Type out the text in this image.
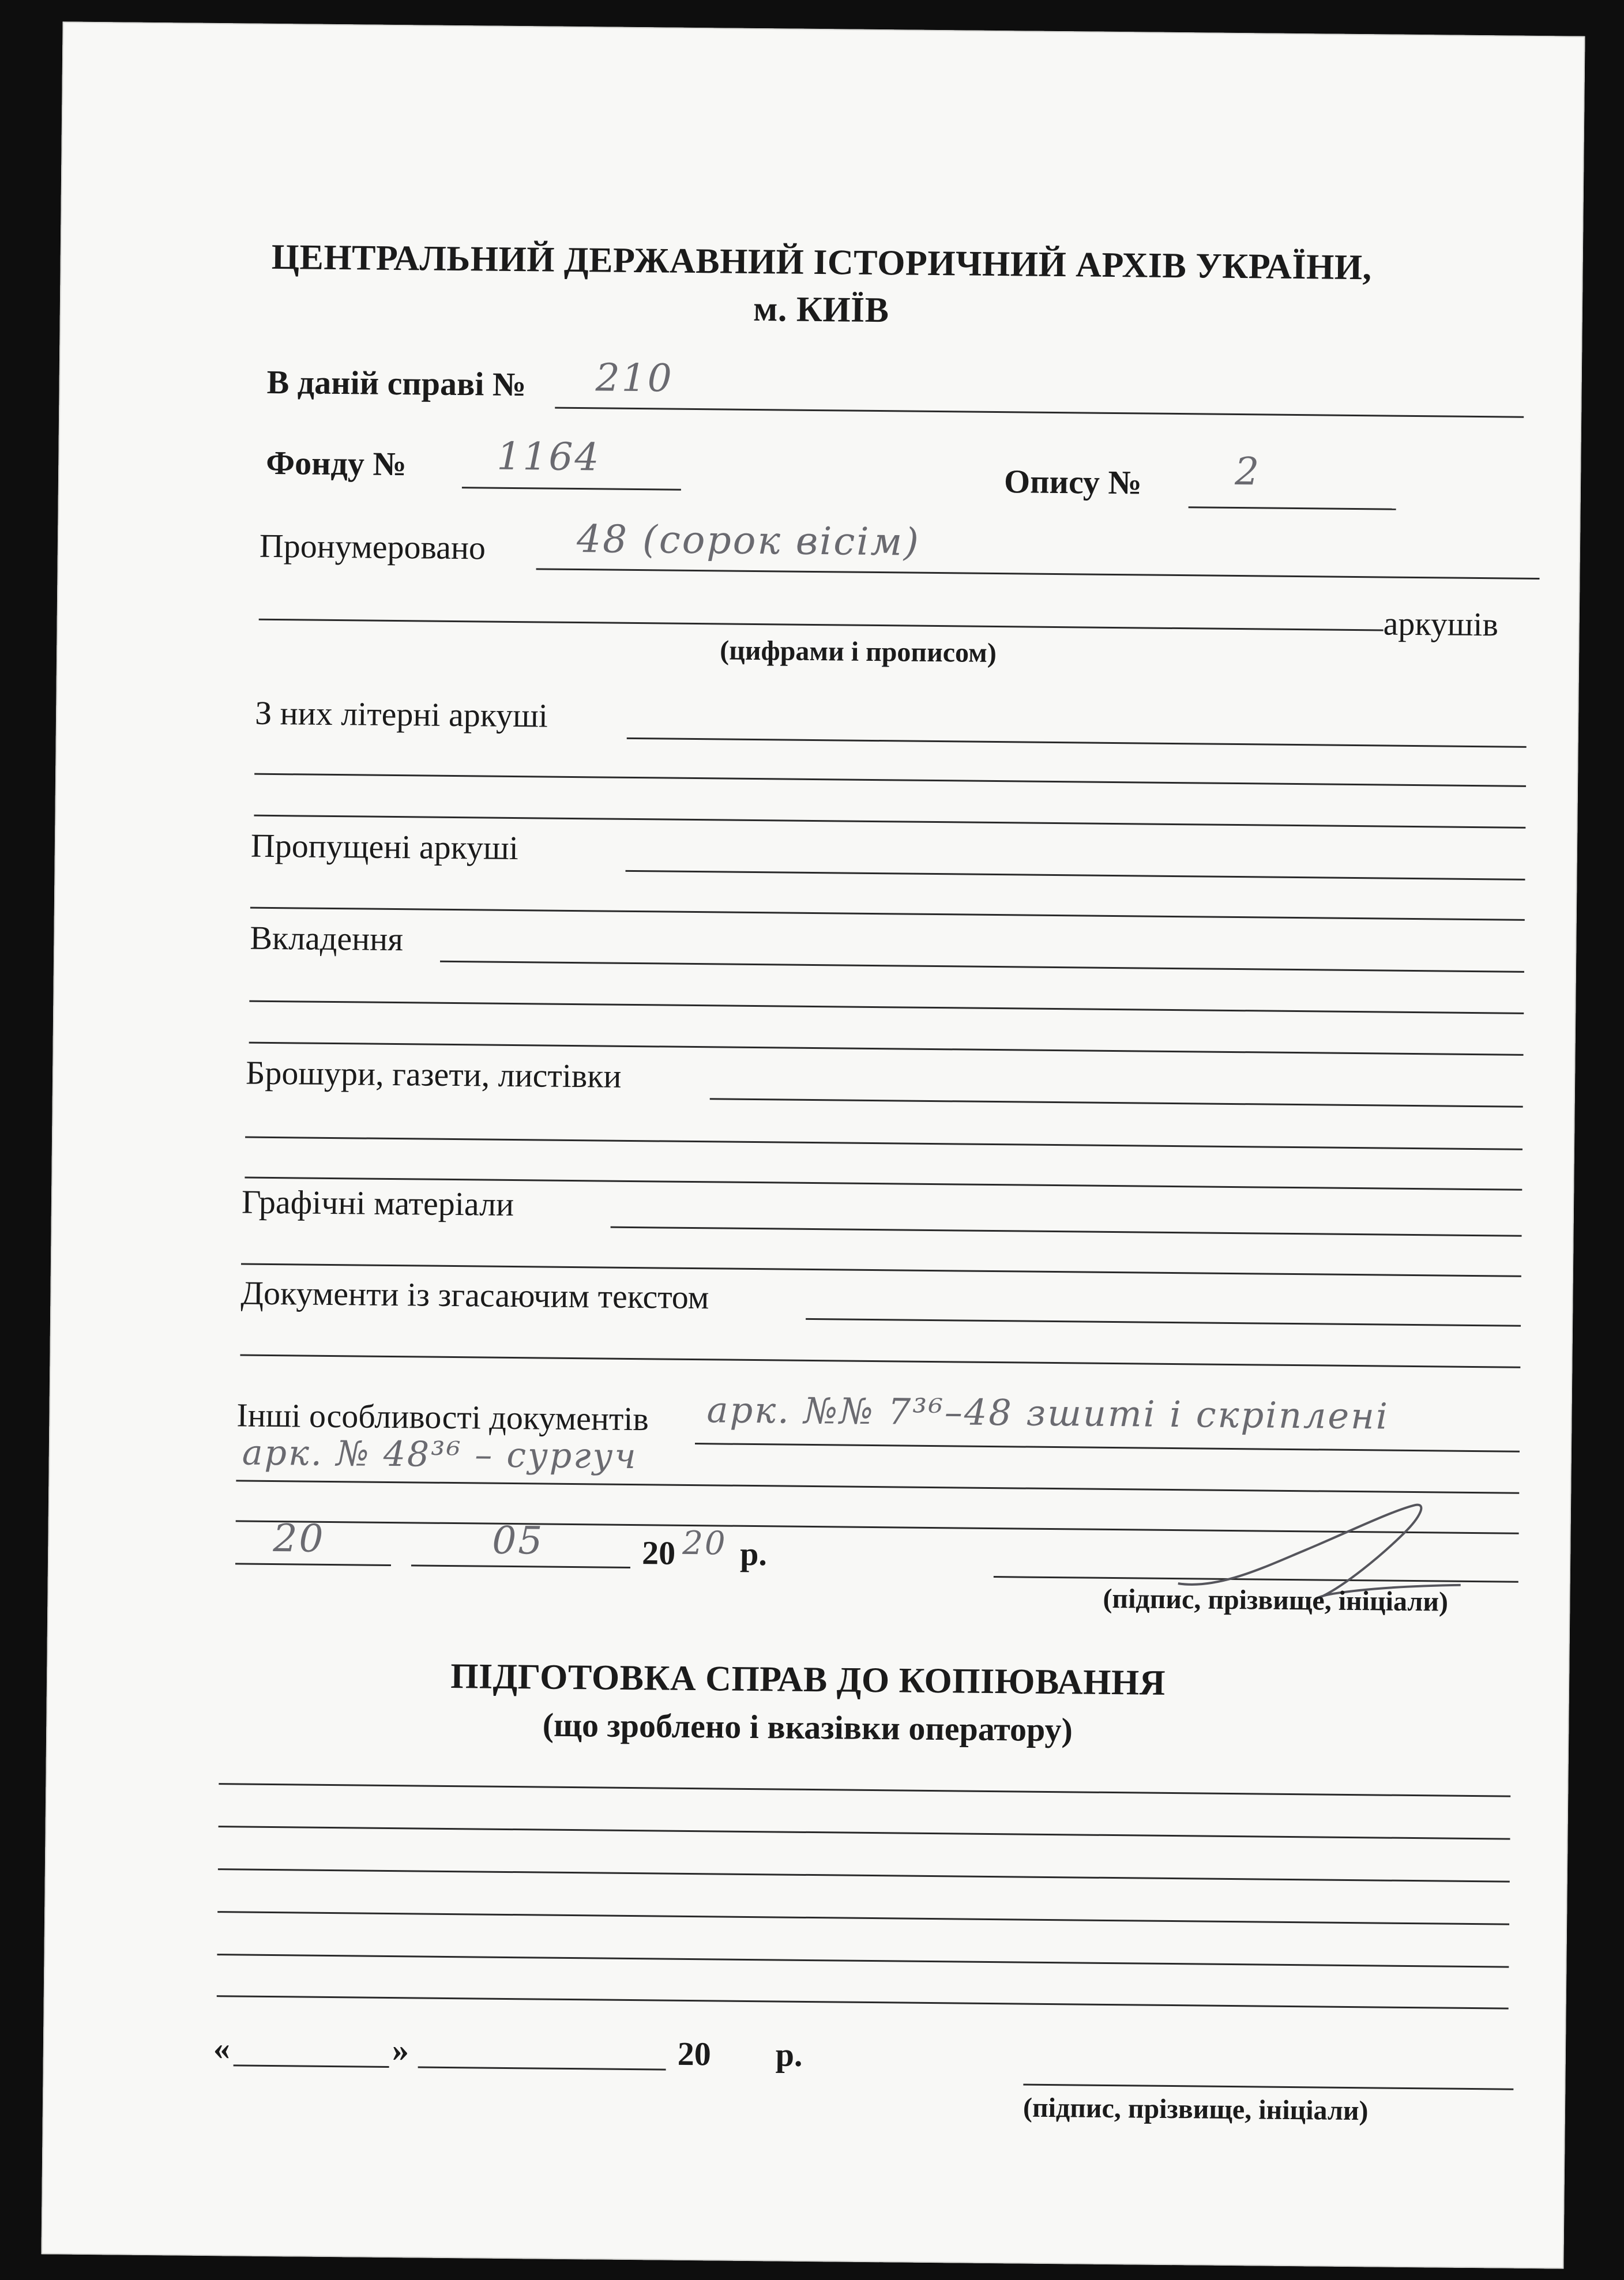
ЦЕНТРАЛЬНИЙ ДЕРЖАВНИЙ ІСТОРИЧНИЙ АРХІВ УКРАЇНИ,
м. КИЇВ
В даній справі № 210
Фонду № 1164
Опису № 2
Пронумеровано 48 (сорок вісім)
аркушів
(цифрами і прописом)
З них літерні аркуші
Пропущені аркуші
Вкладення
Брошури, газети, листівки
Графічні матеріали
Документи із згасаючим текстом
Інші особливості документів арк. №№ 7³⁶–48 зшиті і скріплені
арк. № 48³⁶ – сургуч
20	05	20 20 р.
(підпис, прізвище, ініціали)
ПІДГОТОВКА СПРАВ ДО КОПІЮВАННЯ
(що зроблено і вказівки оператору)
«	»	20 р.
(підпис, прізвище, ініціали)
